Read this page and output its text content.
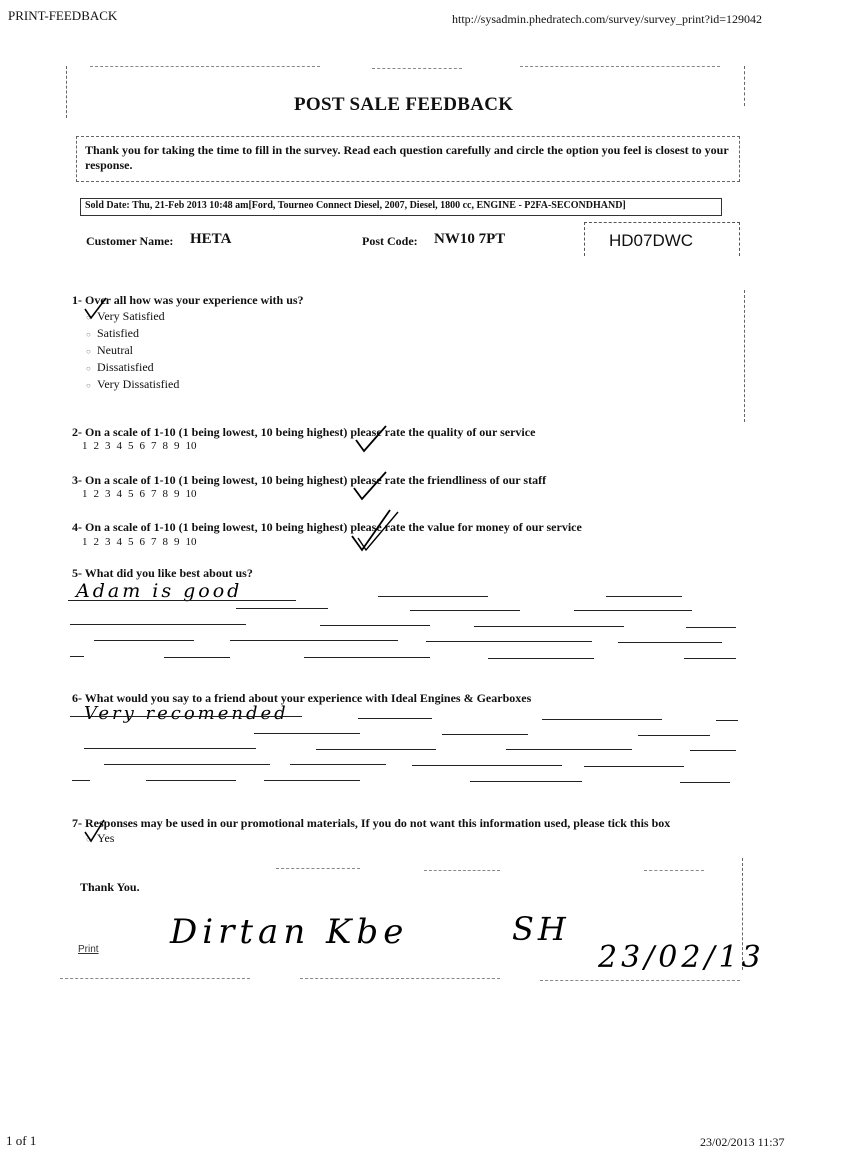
PRINT-FEEDBACK	http://sysadmin.phedratech.com/survey/survey_print?id=129042
1 of 1	23/02/2013 11:37
POST SALE FEEDBACK
Thank you for taking the time to fill in the survey. Read each question carefully and circle the option you feel is closest to your response.
Sold Date: Thu, 21-Feb 2013 10:48 am[Ford, Tourneo Connect Diesel, 2007, Diesel, 1800 cc, ENGINE - P2FA-SECONDHAND]
Customer Name: HETA	Post Code: NW10 7PT	HD07DWC
1- Over all how was your experience with us?
○ Very Satisfied
○ Satisfied
○ Neutral
○ Dissatisfied
○ Very Dissatisfied
2- On a scale of 1-10 (1 being lowest, 10 being highest) please rate the quality of our service
1 2 3 4 5 6 7 8 9 10
3- On a scale of 1-10 (1 being lowest, 10 being highest) please rate the friendliness of our staff
1 2 3 4 5 6 7 8 9 10
4- On a scale of 1-10 (1 being lowest, 10 being highest) please rate the value for money of our service
1 2 3 4 5 6 7 8 9 10
5- What did you like best about us?
Adam is good
6- What would you say to a friend about your experience with Ideal Engines & Gearboxes
Very recomended
7- Responses may be used in our promotional materials, If you do not want this information used, please tick this box
○ Yes
Thank You.
Print Dirtan Kbe	SH
23/02/13
